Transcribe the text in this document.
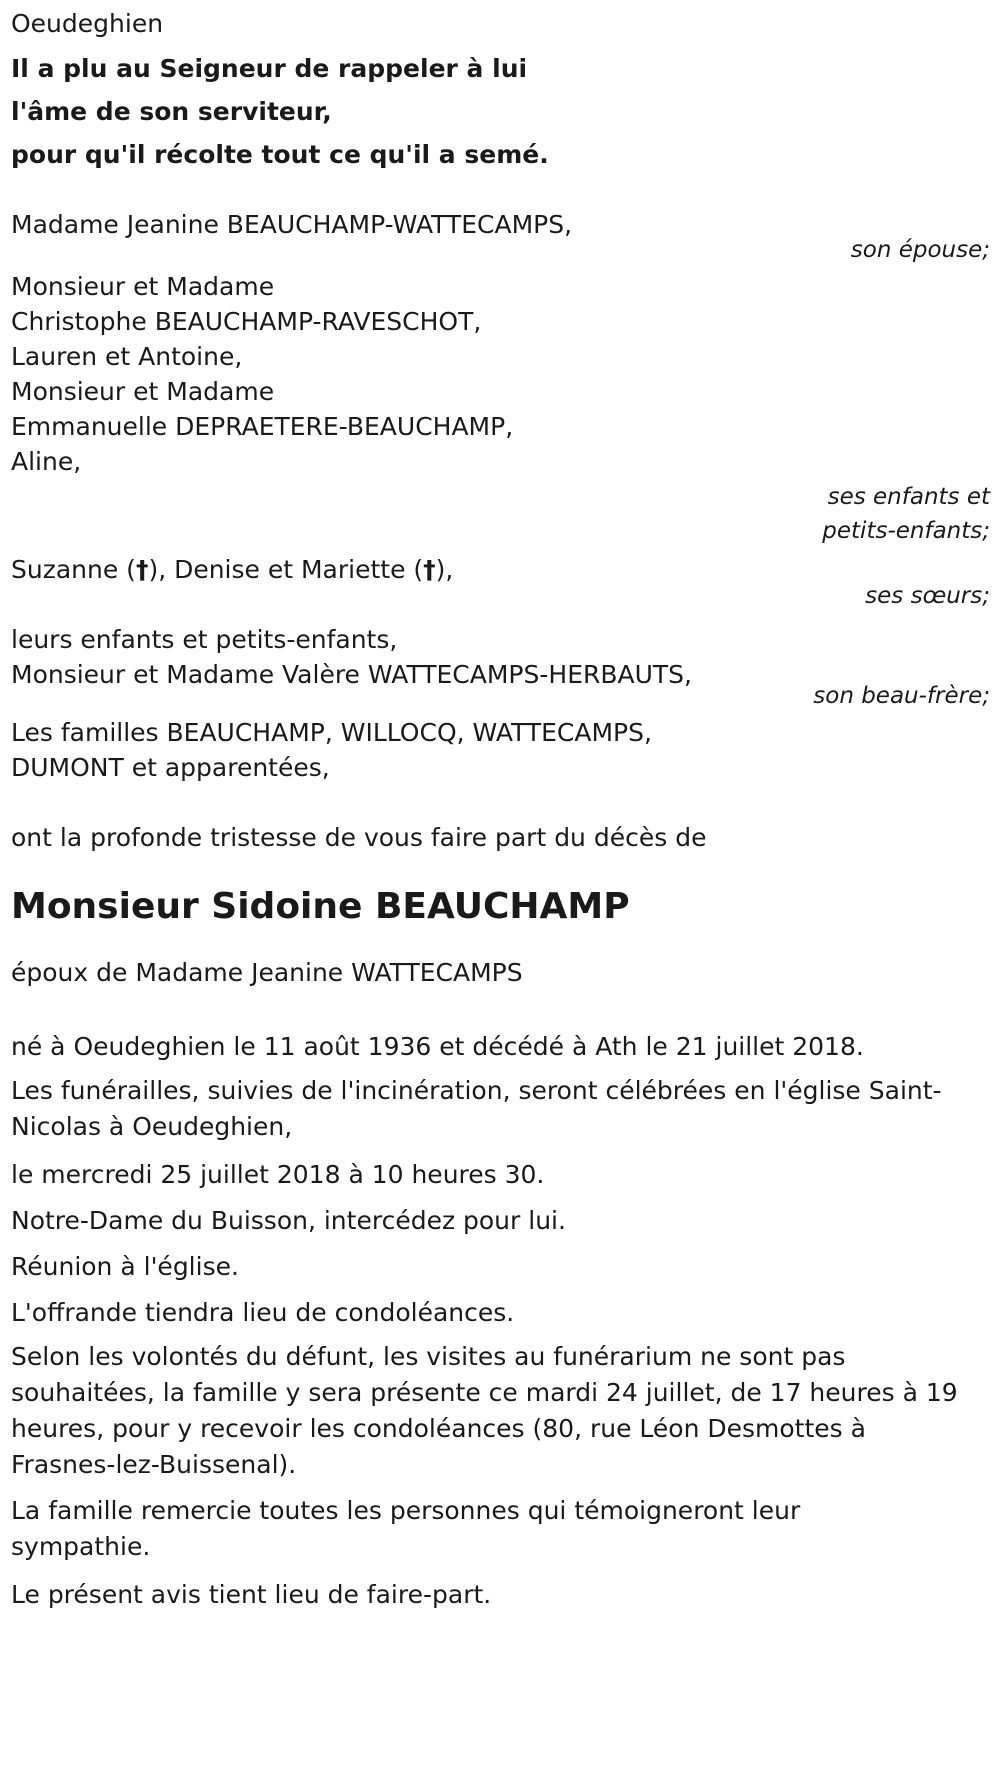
Oeudeghien
Il a plu au Seigneur de rappeler à lui
l'âme de son serviteur,
pour qu'il récolte tout ce qu'il a semé.
Madame Jeanine BEAUCHAMP-WATTECAMPS,
son épouse;
Monsieur et Madame
Christophe BEAUCHAMP-RAVESCHOT,
Lauren et Antoine,
Monsieur et Madame
Emmanuelle DEPRAETERE-BEAUCHAMP,
Aline,
ses enfants et
petits-enfants;
Suzanne (†), Denise et Mariette (†),
ses sœurs;
leurs enfants et petits-enfants,
Monsieur et Madame Valère WATTECAMPS-HERBAUTS,
son beau-frère;
Les familles BEAUCHAMP, WILLOCQ, WATTECAMPS,
DUMONT et apparentées,
ont la profonde tristesse de vous faire part du décès de
Monsieur Sidoine BEAUCHAMP
époux de Madame Jeanine WATTECAMPS
né à Oeudeghien le 11 août 1936 et décédé à Ath le 21 juillet 2018.
Les funérailles, suivies de l'incinération, seront célébrées en l'église Saint-Nicolas à Oeudeghien,
le mercredi 25 juillet 2018 à 10 heures 30.
Notre-Dame du Buisson, intercédez pour lui.
Réunion à l'église.
L'offrande tiendra lieu de condoléances.
Selon les volontés du défunt, les visites au funérarium ne sont pas souhaitées, la famille y sera présente ce mardi 24 juillet, de 17 heures à 19 heures, pour y recevoir les condoléances (80, rue Léon Desmottes à Frasnes-lez-Buissenal).
La famille remercie toutes les personnes qui témoigneront leur sympathie.
Le présent avis tient lieu de faire-part.
